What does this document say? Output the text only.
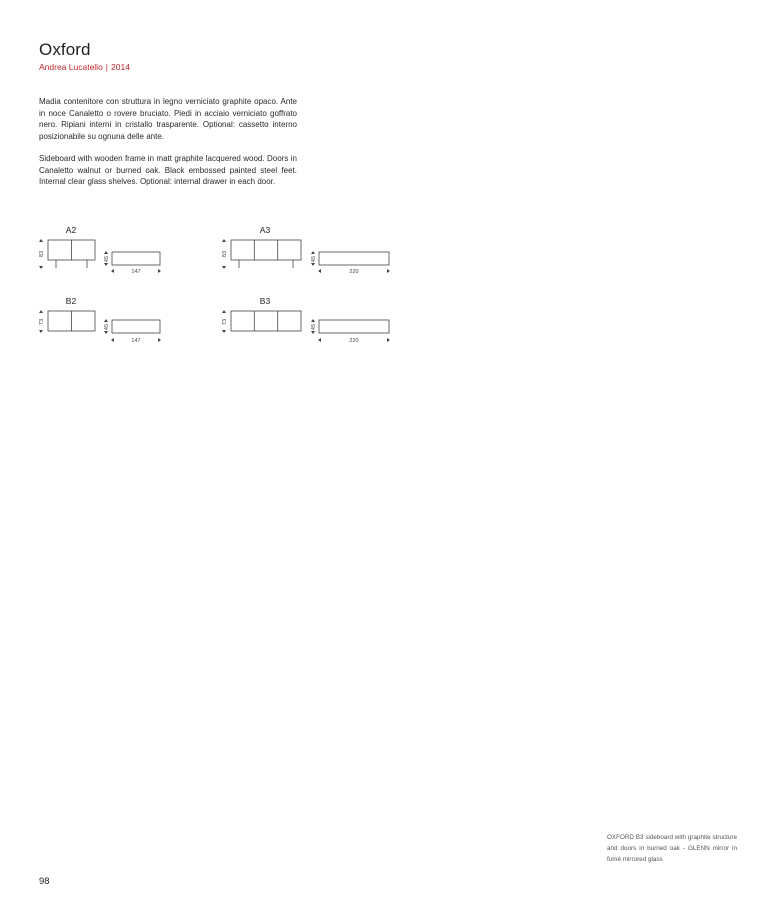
Oxford
Andrea Lucatello | 2014

Madia contenitore con struttura in legno verniciato graphite opaco. Ante in noce Canaletto o rovere bruciato. Piedi in acciaio verniciato goffrato nero. Ripiani interni in cristallo trasparente. Optional: cassetto interno posizionabile su ognuna delle ante.

Sideboard with wooden frame in matt graphite lacquered wood. Doors in Canaletto walnut or burned oak. Black embossed painted steel feet. Internal clear glass shelves. Optional: internal drawer in each door.

A2	A3
B2	B3
83	83
73	73
45	45
45	45
147	220
147	220

OXFORD B3 sideboard with graphite structure and doors in burned oak - GLENN mirror in fumé mirrored glass

98
